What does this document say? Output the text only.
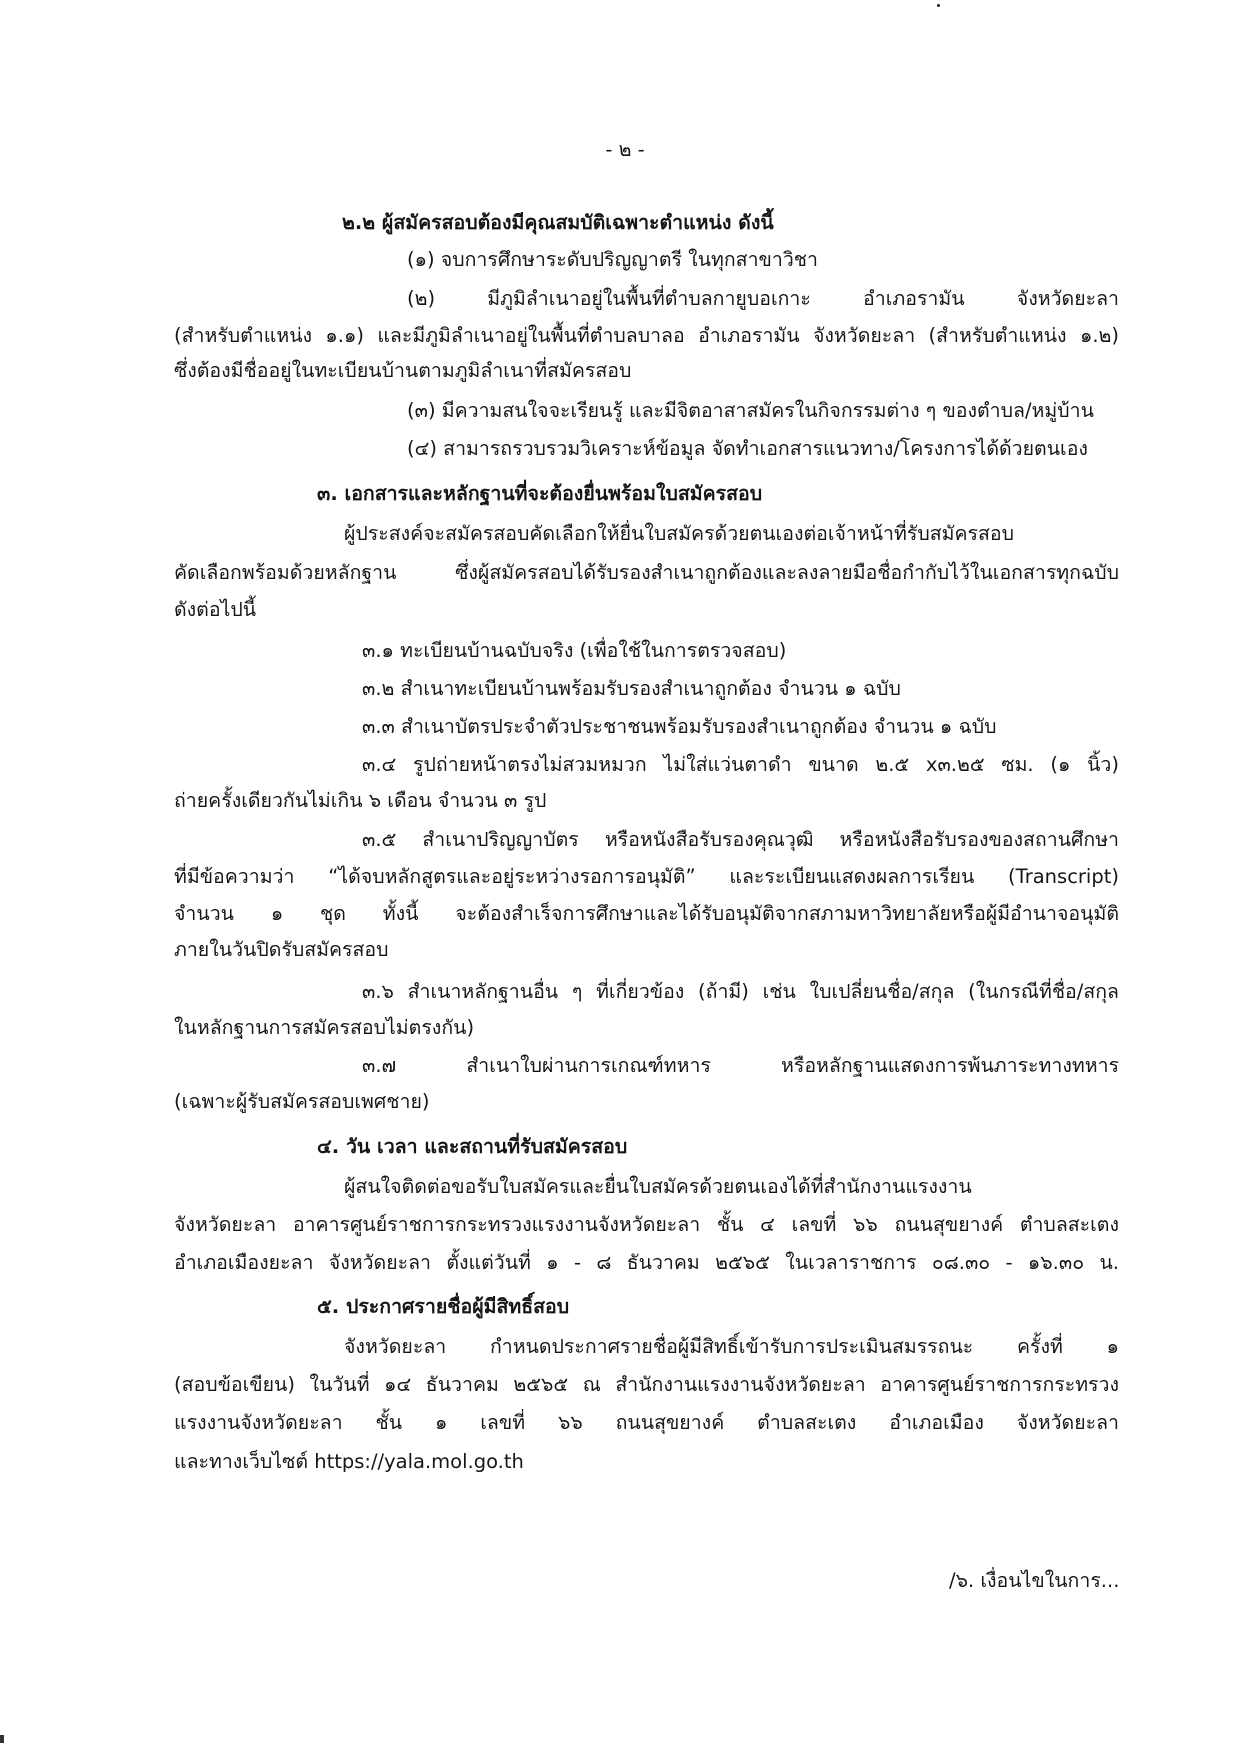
- ๒ -
๒.๒ ผู้สมัครสอบต้องมีคุณสมบัติเฉพาะตำแหน่ง ดังนี้
(๑) จบการศึกษาระดับปริญญาตรี ในทุกสาขาวิชา
(๒) มีภูมิลำเนาอยู่ในพื้นที่ตำบลกายูบอเกาะ อำเภอรามัน จังหวัดยะลา
(สำหรับตำแหน่ง ๑.๑) และมีภูมิลำเนาอยู่ในพื้นที่ตำบลบาลอ อำเภอรามัน จังหวัดยะลา (สำหรับตำแหน่ง ๑.๒)
ซึ่งต้องมีชื่ออยู่ในทะเบียนบ้านตามภูมิลำเนาที่สมัครสอบ
(๓) มีความสนใจจะเรียนรู้ และมีจิตอาสาสมัครในกิจกรรมต่าง ๆ ของตำบล/หมู่บ้าน
(๔) สามารถรวบรวมวิเคราะห์ข้อมูล จัดทำเอกสารแนวทาง/โครงการได้ด้วยตนเอง
๓. เอกสารและหลักฐานที่จะต้องยื่นพร้อมใบสมัครสอบ
ผู้ประสงค์จะสมัครสอบคัดเลือกให้ยื่นใบสมัครด้วยตนเองต่อเจ้าหน้าที่รับสมัครสอบ
คัดเลือกพร้อมด้วยหลักฐาน ซึ่งผู้สมัครสอบได้รับรองสำเนาถูกต้องและลงลายมือชื่อกำกับไว้ในเอกสารทุกฉบับ
ดังต่อไปนี้
๓.๑ ทะเบียนบ้านฉบับจริง (เพื่อใช้ในการตรวจสอบ)
๓.๒ สำเนาทะเบียนบ้านพร้อมรับรองสำเนาถูกต้อง จำนวน ๑ ฉบับ
๓.๓ สำเนาบัตรประจำตัวประชาชนพร้อมรับรองสำเนาถูกต้อง จำนวน ๑ ฉบับ
๓.๔ รูปถ่ายหน้าตรงไม่สวมหมวก ไม่ใส่แว่นตาดำ ขนาด ๒.๕ x๓.๒๕ ซม. (๑ นิ้ว)
ถ่ายครั้งเดียวกันไม่เกิน ๖ เดือน จำนวน ๓ รูป
๓.๕ สำเนาปริญญาบัตร หรือหนังสือรับรองคุณวุฒิ หรือหนังสือรับรองของสถานศึกษา
ที่มีข้อความว่า “ได้จบหลักสูตรและอยู่ระหว่างรอการอนุมัติ” และระเบียนแสดงผลการเรียน (Transcript)
จำนวน ๑ ชุด ทั้งนี้ จะต้องสำเร็จการศึกษาและได้รับอนุมัติจากสภามหาวิทยาลัยหรือผู้มีอำนาจอนุมัติ
ภายในวันปิดรับสมัครสอบ
๓.๖ สำเนาหลักฐานอื่น ๆ ที่เกี่ยวข้อง (ถ้ามี) เช่น ใบเปลี่ยนชื่อ/สกุล (ในกรณีที่ชื่อ/สกุล
ในหลักฐานการสมัครสอบไม่ตรงกัน)
๓.๗ สำเนาใบผ่านการเกณฑ์ทหาร หรือหลักฐานแสดงการพ้นภาระทางทหาร
(เฉพาะผู้รับสมัครสอบเพศชาย)
๔. วัน เวลา และสถานที่รับสมัครสอบ
ผู้สนใจติดต่อขอรับใบสมัครและยื่นใบสมัครด้วยตนเองได้ที่สำนักงานแรงงาน
จังหวัดยะลา อาคารศูนย์ราชการกระทรวงแรงงานจังหวัดยะลา ชั้น ๔ เลขที่ ๖๖ ถนนสุขยางค์ ตำบลสะเตง
อำเภอเมืองยะลา จังหวัดยะลา ตั้งแต่วันที่ ๑ - ๘ ธันวาคม ๒๕๖๕ ในเวลาราชการ ๐๘.๓๐ - ๑๖.๓๐ น.
๕. ประกาศรายชื่อผู้มีสิทธิ์สอบ
จังหวัดยะลา กำหนดประกาศรายชื่อผู้มีสิทธิ์เข้ารับการประเมินสมรรถนะ ครั้งที่ ๑
(สอบข้อเขียน) ในวันที่ ๑๔ ธันวาคม ๒๕๖๕ ณ สำนักงานแรงงานจังหวัดยะลา อาคารศูนย์ราชการกระทรวง
แรงงานจังหวัดยะลา ชั้น ๑ เลขที่ ๖๖ ถนนสุขยางค์ ตำบลสะเตง อำเภอเมือง จังหวัดยะลา
และทางเว็บไซต์ https://yala.mol.go.th
/๖. เงื่อนไขในการ...
